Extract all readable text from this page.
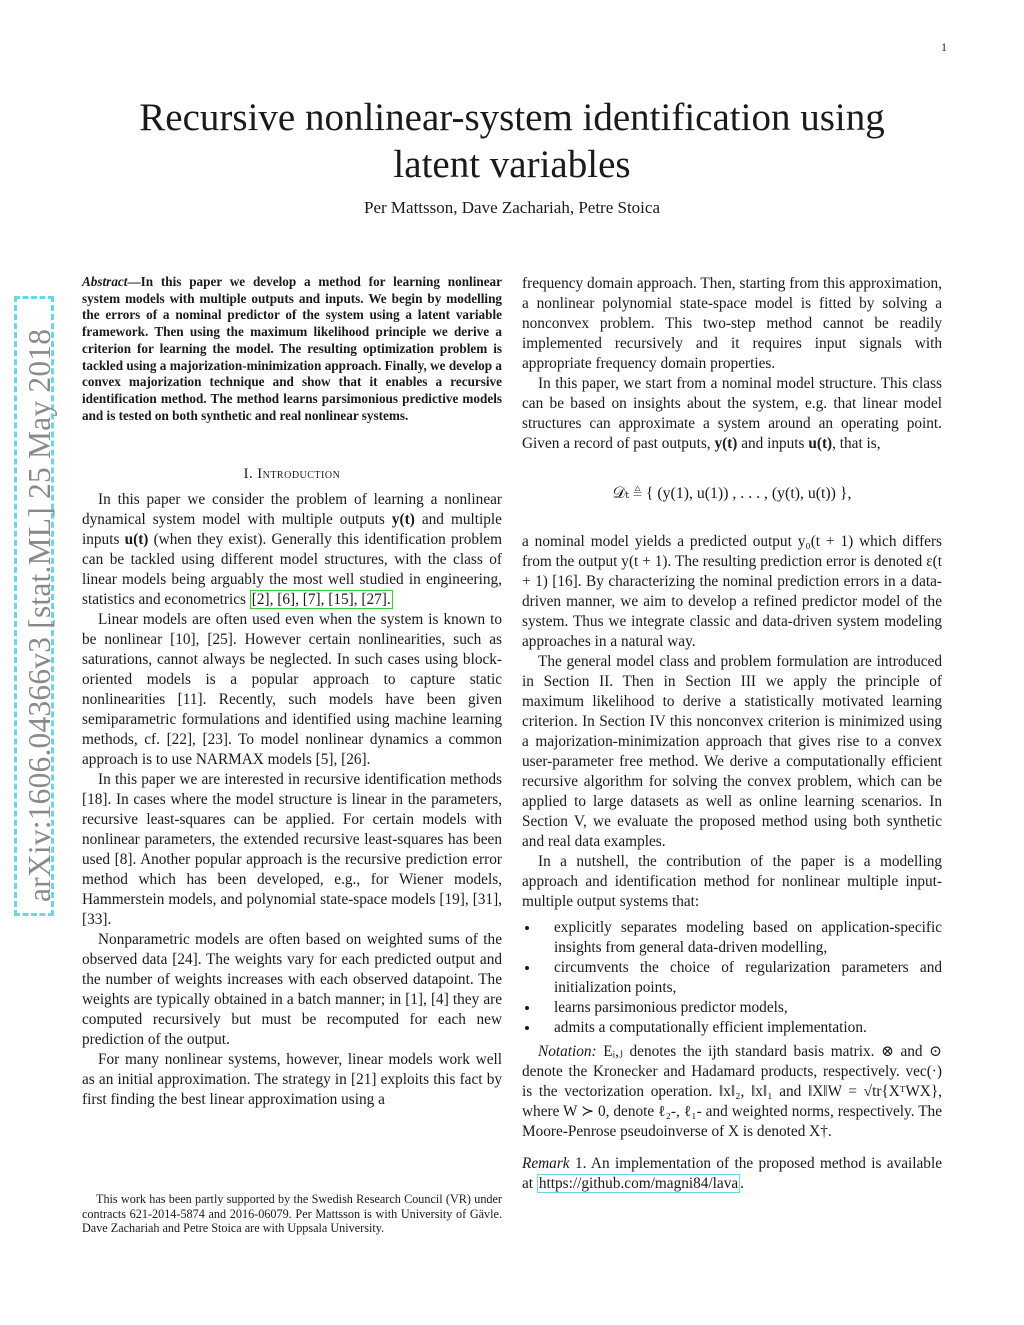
1
arXiv:1606.04366v3 [stat.ML] 25 May 2018
Recursive nonlinear-system identification using latent variables
Per Mattsson, Dave Zachariah, Petre Stoica
Abstract—In this paper we develop a method for learning nonlinear system models with multiple outputs and inputs. We begin by modelling the errors of a nominal predictor of the system using a latent variable framework. Then using the maximum likelihood principle we derive a criterion for learning the model. The resulting optimization problem is tackled using a majorization-minimization approach. Finally, we develop a convex majorization technique and show that it enables a recursive identification method. The method learns parsimonious predictive models and is tested on both synthetic and real nonlinear systems.
I. Introduction

In this paper we consider the problem of learning a nonlinear dynamical system model with multiple outputs y(t) and multiple inputs u(t) (when they exist). Generally this identification problem can be tackled using different model structures, with the class of linear models being arguably the most well studied in engineering, statistics and econometrics [2], [6], [7], [15], [27].

Linear models are often used even when the system is known to be nonlinear [10], [25]. However certain nonlinearities, such as saturations, cannot always be neglected. In such cases using block-oriented models is a popular approach to capture static nonlinearities [11]. Recently, such models have been given semiparametric formulations and identified using machine learning methods, cf. [22], [23]. To model nonlinear dynamics a common approach is to use NARMAX models [5], [26].

In this paper we are interested in recursive identification methods [18]. In cases where the model structure is linear in the parameters, recursive least-squares can be applied. For certain models with nonlinear parameters, the extended recursive least-squares has been used [8]. Another popular approach is the recursive prediction error method which has been developed, e.g., for Wiener models, Hammerstein models, and polynomial state-space models [19], [31], [33].

Nonparametric models are often based on weighted sums of the observed data [24]. The weights vary for each predicted output and the number of weights increases with each observed datapoint. The weights are typically obtained in a batch manner; in [1], [4] they are computed recursively but must be recomputed for each new prediction of the output.

For many nonlinear systems, however, linear models work well as an initial approximation. The strategy in [21] exploits this fact by first finding the best linear approximation using a

This work has been partly supported by the Swedish Research Council (VR) under contracts 621-2014-5874 and 2016-06079. Per Mattsson is with University of Gävle. Dave Zachariah and Petre Stoica are with Uppsala University.

frequency domain approach. Then, starting from this approximation, a nonlinear polynomial state-space model is fitted by solving a nonconvex problem. This two-step method cannot be readily implemented recursively and it requires input signals with appropriate frequency domain properties.

In this paper, we start from a nominal model structure. This class can be based on insights about the system, e.g. that linear model structures can approximate a system around an operating point. Given a record of past outputs, y(t) and inputs u(t), that is,

𝒟ₜ ≜ { (y(1), u(1)) , . . . , (y(t), u(t)) },

a nominal model yields a predicted output y₀(t + 1) which differs from the output y(t + 1). The resulting prediction error is denoted ε(t + 1) [16]. By characterizing the nominal prediction errors in a data-driven manner, we aim to develop a refined predictor model of the system. Thus we integrate classic and data-driven system modeling approaches in a natural way.

The general model class and problem formulation are introduced in Section II. Then in Section III we apply the principle of maximum likelihood to derive a statistically motivated learning criterion. In Section IV this nonconvex criterion is minimized using a majorization-minimization approach that gives rise to a convex user-parameter free method. We derive a computationally efficient recursive algorithm for solving the convex problem, which can be applied to large datasets as well as online learning scenarios. In Section V, we evaluate the proposed method using both synthetic and real data examples.

In a nutshell, the contribution of the paper is a modelling approach and identification method for nonlinear multiple input-multiple output systems that:

• explicitly separates modeling based on application-specific insights from general data-driven modelling,
• circumvents the choice of regularization parameters and initialization points,
• learns parsimonious predictor models,
• admits a computationally efficient implementation.

Notation: Eᵢ,ⱼ denotes the ijth standard basis matrix. ⊗ and ⊙ denote the Kronecker and Hadamard products, respectively. vec(·) is the vectorization operation. ‖x‖₂, ‖x‖₁ and ‖X‖W = √tr{XᵀWX}, where W ≻ 0, denote ℓ₂-, ℓ₁- and weighted norms, respectively. The Moore-Penrose pseudoinverse of X is denoted X†.

Remark 1. An implementation of the proposed method is available at https://github.com/magni84/lava .
